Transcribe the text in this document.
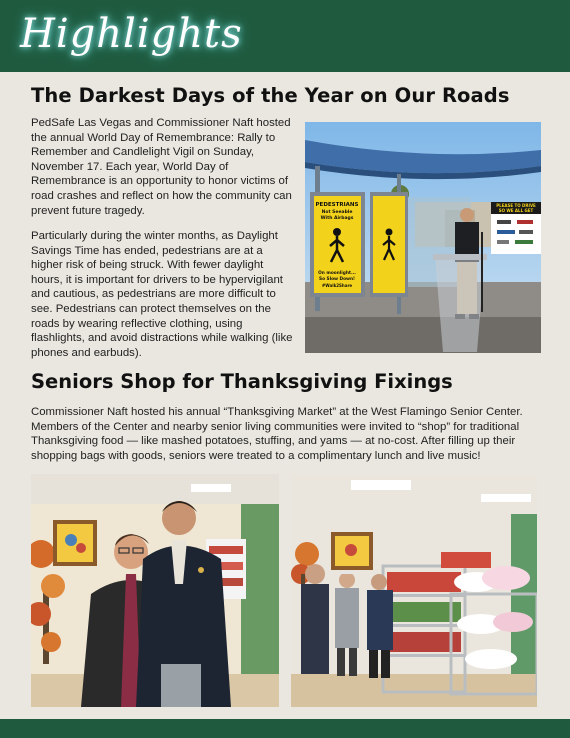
Highlights
The Darkest Days of the Year on Our Roads
PedSafe Las Vegas and Commissioner Naft hosted the annual World Day of Remembrance: Rally to Remember and Candlelight Vigil on Sunday, November 17. Each year, World Day of Remembrance is an opportunity to honor victims of road crashes and reflect on how the community can prevent future tragedy.
Particularly during the winter months, as Daylight Savings Time has ended, pedestrians are at a higher risk of being struck. With fewer daylight hours, it is important for drivers to be hypervigilant and cautious, as pedestrians are more difficult to see. Pedestrians can protect themselves on the roads by wearing reflective clothing, using flashlights, and avoid distractions while walking (like phones and earbuds).
PEDESTRIANS
Not Seeable
With Airbags
On moonlight...
So Slow Down!
#Walk2Share
PLEASE TO DRIVE
SO WE ALL GET
Seniors Shop for Thanksgiving Fixings
Commissioner Naft hosted his annual “Thanksgiving Market” at the West Flamingo Senior Center. Members of the Center and nearby senior living communities were invited to “shop” for traditional Thanksgiving food — like mashed potatoes, stuffing, and yams — at no-cost. After filling up their shopping bags with goods, seniors were treated to a complimentary lunch and live music!
